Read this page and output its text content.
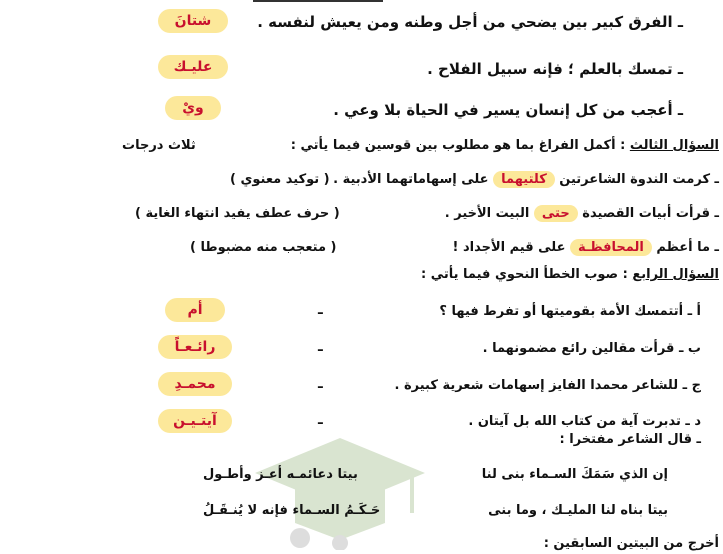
ـ الفرق كبير بين يضحي من أجل وطنه ومن يعيش لنفسه .
شتانَ
ـ تمسك بالعلم ؛ فإنه سبيل الفلاح .
عليـك
ـ أعجب من كل إنسان يسير في الحياة بلا وعي .
ويْ
السؤال الثالث : أكمل الفراغ بما هو مطلوب بين قوسين فيما يأتي :
ثلاث درجات
ـ كرمت الندوة الشاعرتين كلتيهما على إسهاماتهما الأدبية .
( توكيد معنوي )
ـ قرأت أبيات القصيدة حتى البيت الأخير .
( حرف عطف يفيد انتهاء الغاية )
ـ ما أعظم المحافظـة على قيم الأجداد !
( متعجب منه مضبوطا )
السؤال الرابع : صوب الخطأ النحوي فيما يأتي :
أ ـ أتتمسك الأمة بقوميتها أو تفرط فيها ؟
ـ
أم
ب ـ قرأت مقالين رائع مضمونهما .
ـ
رائـعـاً
ج ـ للشاعر محمدا الفايز إسهامات شعرية كبيرة .
ـ
محمـدِ
د ـ تدبرت آية من كتاب الله بل آيتان .
ـ
آيتـيـن
ـ قال الشاعر مفتخرا :
إن الذي سَمَكَ السـماء بنى لنا
بيتا دعائمـه أعـز وأطـول
بيتا بناه لنا المليـك ، وما بنى
حَـكَـمُ السـماء فإنه لا يُنـقَـلُ
أخرج من البيتين السابقين :
